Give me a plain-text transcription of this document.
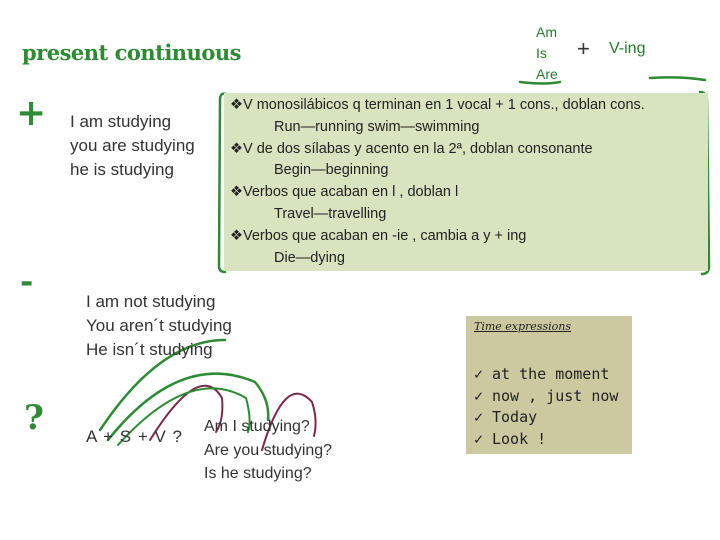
present continuous
+
-
?
Am
Is
Are
+ V-ing
I am studying
you are studying
he is studying
❖V monosilábicos q terminan en 1 vocal + 1 cons., doblan cons.
Run—running swim—swimming
❖V de dos sílabas y acento en la 2ª, doblan consonante
Begin—beginning
❖Verbos que acaban en l , doblan l
Travel—travelling
❖Verbos que acaban en -ie , cambia a y + ing
Die—dying
I am not studying
You aren´t studying
He isn´t studying
A + S + V ?
Am I studying?
Are you studying?
Is he studying?
Time expressions
✓ at the moment
✓ now , just now
✓ Today
✓ Look !
